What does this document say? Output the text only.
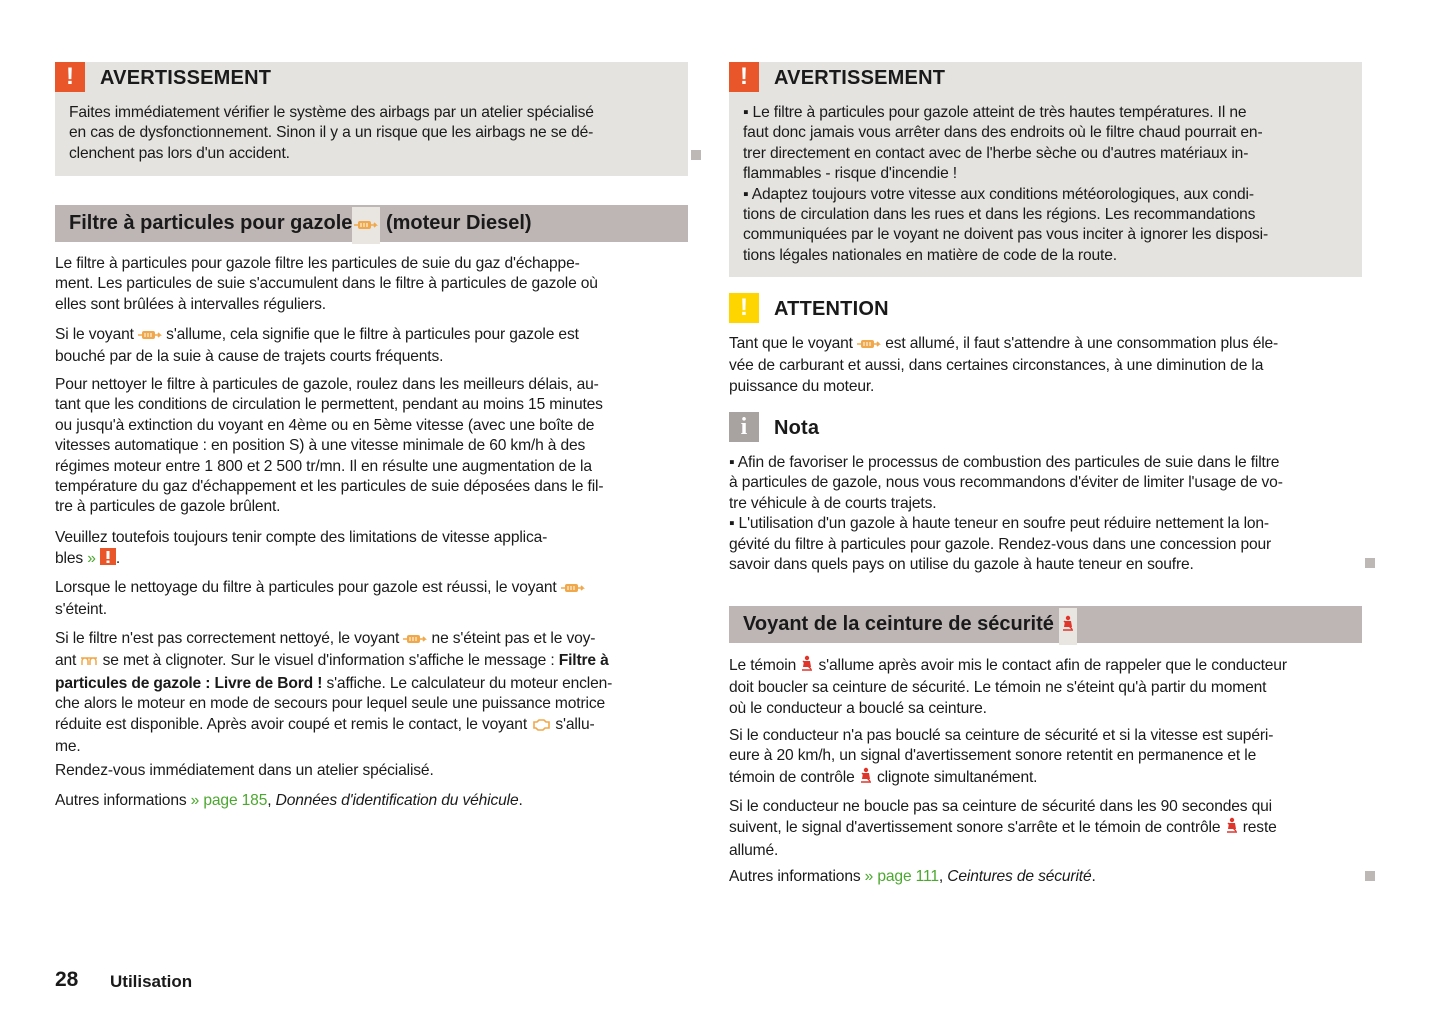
!	AVERTISSEMENT
Faites immédiatement vérifier le système des airbags par un atelier spécialisé
en cas de dysfonctionnement. Sinon il y a un risque que les airbags ne se dé-
clenchent pas lors d'un accident.
Filtre à particules pour gazole (moteur Diesel)
Le filtre à particules pour gazole filtre les particules de suie du gaz d'échappe-
ment. Les particules de suie s'accumulent dans le filtre à particules de gazole où
elles sont brûlées à intervalles réguliers.
Si le voyant  s'allume, cela signifie que le filtre à particules pour gazole est
bouché par de la suie à cause de trajets courts fréquents.
Pour nettoyer le filtre à particules de gazole, roulez dans les meilleurs délais, au-
tant que les conditions de circulation le permettent, pendant au moins 15 minutes
ou jusqu'à extinction du voyant en 4ème ou en 5ème vitesse (avec une boîte de
vitesses automatique : en position S) à une vitesse minimale de 60 km/h à des
régimes moteur entre 1 800 et 2 500 tr/mn. Il en résulte une augmentation de la
température du gaz d'échappement et les particules de suie déposées dans le fil-
tre à particules de gazole brûlent.
Veuillez toutefois toujours tenir compte des limitations de vitesse applica-
bles » .
Lorsque le nettoyage du filtre à particules pour gazole est réussi, le voyant
s'éteint.
Si le filtre n'est pas correctement nettoyé, le voyant  ne s'éteint pas et le voy-
ant  se met à clignoter. Sur le visuel d'information s'affiche le message : Filtre à
particules de gazole : Livre de Bord ! s'affiche. Le calculateur du moteur enclen-
che alors le moteur en mode de secours pour lequel seule une puissance motrice
réduite est disponible. Après avoir coupé et remis le contact, le voyant  s'allu-
me.
Rendez-vous immédiatement dans un atelier spécialisé.
Autres informations » page 185, Données d'identification du véhicule.
!	AVERTISSEMENT
▪ Le filtre à particules pour gazole atteint de très hautes températures. Il ne
faut donc jamais vous arrêter dans des endroits où le filtre chaud pourrait en-
trer directement en contact avec de l'herbe sèche ou d'autres matériaux in-
flammables - risque d'incendie !
▪ Adaptez toujours votre vitesse aux conditions météorologiques, aux condi-
tions de circulation dans les rues et dans les régions. Les recommandations
communiquées par le voyant ne doivent pas vous inciter à ignorer les disposi-
tions légales nationales en matière de code de la route.
!	ATTENTION
Tant que le voyant  est allumé, il faut s'attendre à une consommation plus éle-
vée de carburant et aussi, dans certaines circonstances, à une diminution de la
puissance du moteur.
i	Nota
▪ Afin de favoriser le processus de combustion des particules de suie dans le filtre
à particules de gazole, nous vous recommandons d'éviter de limiter l'usage de vo-
tre véhicule à de courts trajets.
▪ L'utilisation d'un gazole à haute teneur en soufre peut réduire nettement la lon-
gévité du filtre à particules pour gazole. Rendez-vous dans une concession pour
savoir dans quels pays on utilise du gazole à haute teneur en soufre.
Voyant de la ceinture de sécurité
Le témoin  s'allume après avoir mis le contact afin de rappeler que le conducteur
doit boucler sa ceinture de sécurité. Le témoin ne s'éteint qu'à partir du moment
où le conducteur a bouclé sa ceinture.
Si le conducteur n'a pas bouclé sa ceinture de sécurité et si la vitesse est supéri-
eure à 20 km/h, un signal d'avertissement sonore retentit en permanence et le
témoin de contrôle  clignote simultanément.
Si le conducteur ne boucle pas sa ceinture de sécurité dans les 90 secondes qui
suivent, le signal d'avertissement sonore s'arrête et le témoin de contrôle  reste
allumé.
Autres informations » page 111, Ceintures de sécurité.
28 Utilisation
